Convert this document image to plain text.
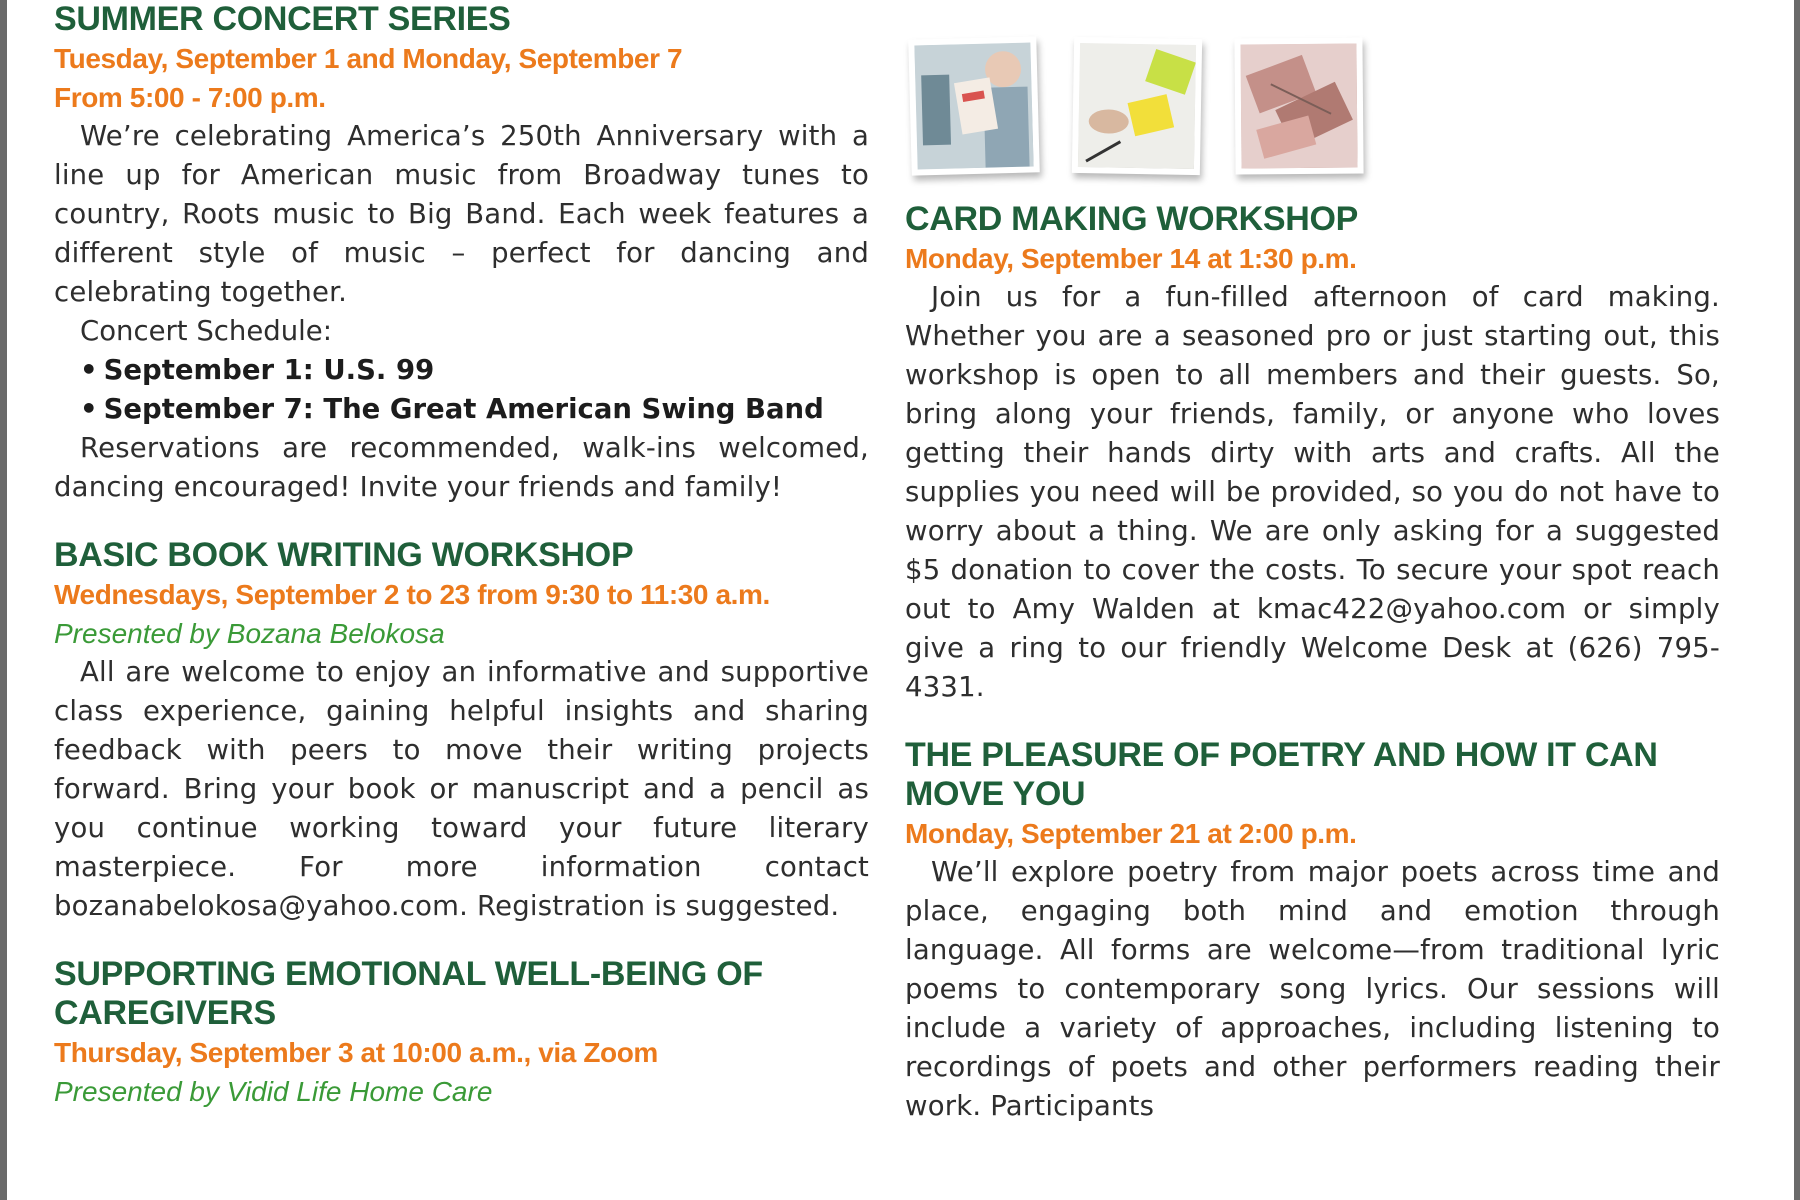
SUMMER CONCERT SERIES

Tuesday, September 1 and Monday, September 7

From 5:00 - 7:00 p.m.

We’re celebrating America’s 250th Anniversary with a line up for American music from Broadway tunes to country, Roots music to Big Band. Each week features a different style of music – perfect for dancing and celebrating together.

Concert Schedule:

• September 1: U.S. 99
• September 7: The Great American Swing Band

Reservations are recommended, walk-ins welcomed, dancing encouraged! Invite your friends and family!

BASIC BOOK WRITING WORKSHOP

Wednesdays, September 2 to 23 from 9:30 to 11:30 a.m.

Presented by Bozana Belokosa

All are welcome to enjoy an informative and supportive class experience, gaining helpful insights and sharing feedback with peers to move their writing projects forward. Bring your book or manuscript and a pencil as you continue working toward your future literary masterpiece. For more information contact bozanabelokosa@yahoo.com. Registration is suggested.

SUPPORTING EMOTIONAL WELL-BEING OF CAREGIVERS

Thursday, September 3 at 10:00 a.m., via Zoom

Presented by Vidid Life Home Care

CARD MAKING WORKSHOP

Monday, September 14 at 1:30 p.m.

Join us for a fun-filled afternoon of card making. Whether you are a seasoned pro or just starting out, this workshop is open to all members and their guests. So, bring along your friends, family, or anyone who loves getting their hands dirty with arts and crafts. All the supplies you need will be provided, so you do not have to worry about a thing. We are only asking for a suggested $5 donation to cover the costs. To secure your spot reach out to Amy Walden at kmac422@yahoo.com or simply give a ring to our friendly Welcome Desk at (626) 795-4331.

THE PLEASURE OF POETRY AND HOW IT CAN MOVE YOU

Monday, September 21 at 2:00 p.m.

We’ll explore poetry from major poets across time and place, engaging both mind and emotion through language. All forms are welcome—from traditional lyric poems to contemporary song lyrics. Our sessions will include a variety of approaches, including listening to recordings of poets and other performers reading their work. Participants
